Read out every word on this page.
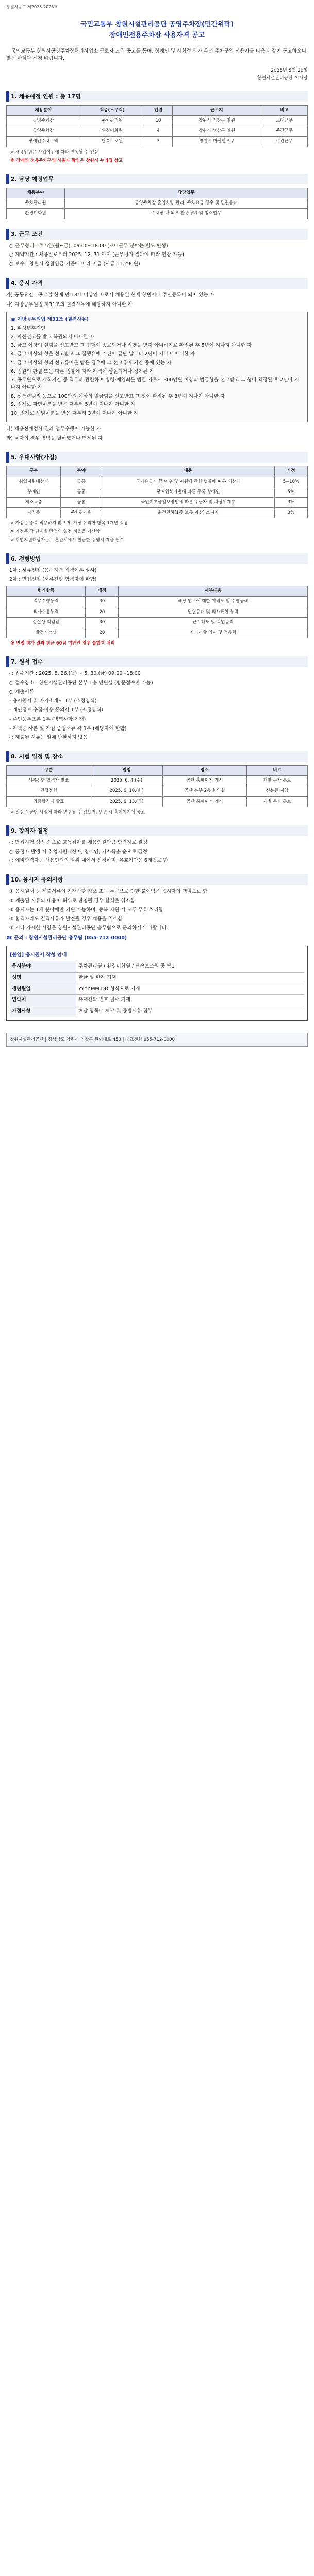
창원시공고 제2025-2025호
국민교통부 창원시설관리공단 공영주차장(민간위탁)
장애인전용주차장 사용자격 공고

국민교통부 창원시공영주차장관리사업소 근로자 모집 공고를 통해, 장애인 및 사회적 약자 우선 주차구역 사용자를 다음과 같이 공고하오니, 많은 관심과 신청 바랍니다.

2025년 5월 20일
창원시설관리공단 이사장
1. 채용예정 인원 : 총 17명
채용분야	직종(노무직)	인원	근무지	비고
공영주차장	주차관리원	10	창원시 의창구 일원	교대근무
공영주차장	환경미화원	4	창원시 성산구 일원	주간근무
장애인주차구역	단속보조원	3	창원시 마산합포구	주간근무
※ 채용인원은 사업여건에 따라 변동될 수 있음
※ 장애인 전용주차구역 사용자 확인은 창원시 누리집 참고
2. 담당 예정업무
채용분야	담당업무
주차관리원	공영주차장 출입차량 관리, 주차요금 징수 및 민원응대
환경미화원	주차장 내·외부 환경정비 및 청소업무
3. 근무 조건

○ 근무형태 : 주 5일(월~금), 09:00~18:00 (교대근무 분야는 별도 편성)

○ 계약기간 : 채용일로부터 2025. 12. 31.까지 (근무평가 결과에 따라 연장 가능)

○ 보수 : 창원시 생활임금 기준에 따라 지급 (시급 11,290원)

4. 응시 자격

가) 공통요건 : 공고일 현재 만 18세 이상인 자로서 채용일 현재 창원시에 주민등록이 되어 있는 자

나) 지방공무원법 제31조의 결격사유에 해당하지 아니한 자

▣ 지방공무원법 제31조 (결격사유)

1. 피성년후견인

2. 파산선고를 받고 복권되지 아니한 자

3. 금고 이상의 실형을 선고받고 그 집행이 종료되거나 집행을 받지 아니하기로 확정된 후 5년이 지나지 아니한 자

4. 금고 이상의 형을 선고받고 그 집행유예 기간이 끝난 날부터 2년이 지나지 아니한 자

5. 금고 이상의 형의 선고유예를 받은 경우에 그 선고유예 기간 중에 있는 자

6. 법원의 판결 또는 다른 법률에 따라 자격이 상실되거나 정지된 자

7. 공무원으로 재직기간 중 직무와 관련하여 횡령·배임죄를 범한 자로서 300만원 이상의 벌금형을 선고받고 그 형이 확정된 후 2년이 지나지 아니한 자

8. 성폭력범죄 등으로 100만원 이상의 벌금형을 선고받고 그 형이 확정된 후 3년이 지나지 아니한 자

9. 징계로 파면처분을 받은 때부터 5년이 지나지 아니한 자

10. 징계로 해임처분을 받은 때부터 3년이 지나지 아니한 자

다) 채용신체검사 결과 업무수행이 가능한 자

라) 남자의 경우 병역을 필하였거나 면제된 자

5. 우대사항(가점)
구분	분야	내용	가점
취업지원대상자	공통	국가유공자 등 예우 및 지원에 관한 법률에 따른 대상자	5~10%
장애인	공통	장애인복지법에 따른 등록 장애인	5%
저소득층	공통	국민기초생활보장법에 따른 수급자 및 차상위계층	3%
자격증	주차관리원	운전면허(1종 보통 이상) 소지자	3%

※ 가점은 중복 적용하지 않으며, 가장 유리한 항목 1개만 적용

※ 가점은 각 단계별 만점의 일정 비율을 가산함

※ 취업지원대상자는 보훈관서에서 발급한 증명서 제출 필수

6. 전형방법

1차 : 서류전형 (응시자격 적격여부 심사)

2차 : 면접전형 (서류전형 합격자에 한함)

평가항목	배점	세부내용
직무수행능력	30	해당 업무에 대한 이해도 및 수행능력
의사소통능력	20	민원응대 및 의사표현 능력
성실성·책임감	30	근무태도 및 직업윤리
발전가능성	20	자기개발 의지 및 적응력
※ 면접 평가 결과 평균 60점 미만인 경우 불합격 처리
7. 원서 접수

○ 접수기간 : 2025. 5. 26.(월) ~ 5. 30.(금) 09:00~18:00

○ 접수장소 : 창원시설관리공단 본부 1층 민원실 (방문접수만 가능)

○ 제출서류

- 응시원서 및 자기소개서 1부 (소정양식)

- 개인정보 수집·이용 동의서 1부 (소정양식)

- 주민등록초본 1부 (병역사항 기재)

- 자격증 사본 및 가점 증빙서류 각 1부 (해당자에 한함)

○ 제출된 서류는 일체 반환하지 않음

8. 시험 일정 및 장소
구분	일정	장소	비고
서류전형 합격자 발표	2025. 6. 4.(수)	공단 홈페이지 게시	개별 문자 통보
면접전형	2025. 6. 10.(화)	공단 본부 2층 회의실	신분증 지참
최종합격자 발표	2025. 6. 13.(금)	공단 홈페이지 게시	개별 문자 통보
※ 일정은 공단 사정에 따라 변경될 수 있으며, 변경 시 홈페이지에 공고
9. 합격자 결정

○ 면접시험 성적 순으로 고득점자를 채용인원만큼 합격자로 결정

○ 동점자 발생 시 취업지원대상자, 장애인, 저소득층 순으로 결정

○ 예비합격자는 채용인원의 범위 내에서 선정하며, 유효기간은 6개월로 함

10. 응시자 유의사항

① 응시원서 등 제출서류의 기재사항 착오 또는 누락으로 인한 불이익은 응시자의 책임으로 함

② 제출된 서류의 내용이 허위로 판명될 경우 합격을 취소함

③ 응시자는 1개 분야에만 지원 가능하며, 중복 지원 시 모두 무효 처리함

④ 합격자라도 결격사유가 발견될 경우 채용을 취소함

⑤ 기타 자세한 사항은 창원시설관리공단 총무팀으로 문의하시기 바랍니다.

☎ 문의 : 창원시설관리공단 총무팀 (055-712-0000)

[붙임] 응시원서 작성 안내

응시분야	주차관리원 / 환경미화원 / 단속보조원 중 택1
성명	한글 및 한자 기재
생년월일	YYYY.MM.DD 형식으로 기재
연락처	휴대전화 번호 필수 기재
가점사항	해당 항목에 체크 및 증빙서류 첨부
창원시설관리공단 | 경상남도 창원시 의창구 원이대로 450 | 대표전화 055-712-0000
